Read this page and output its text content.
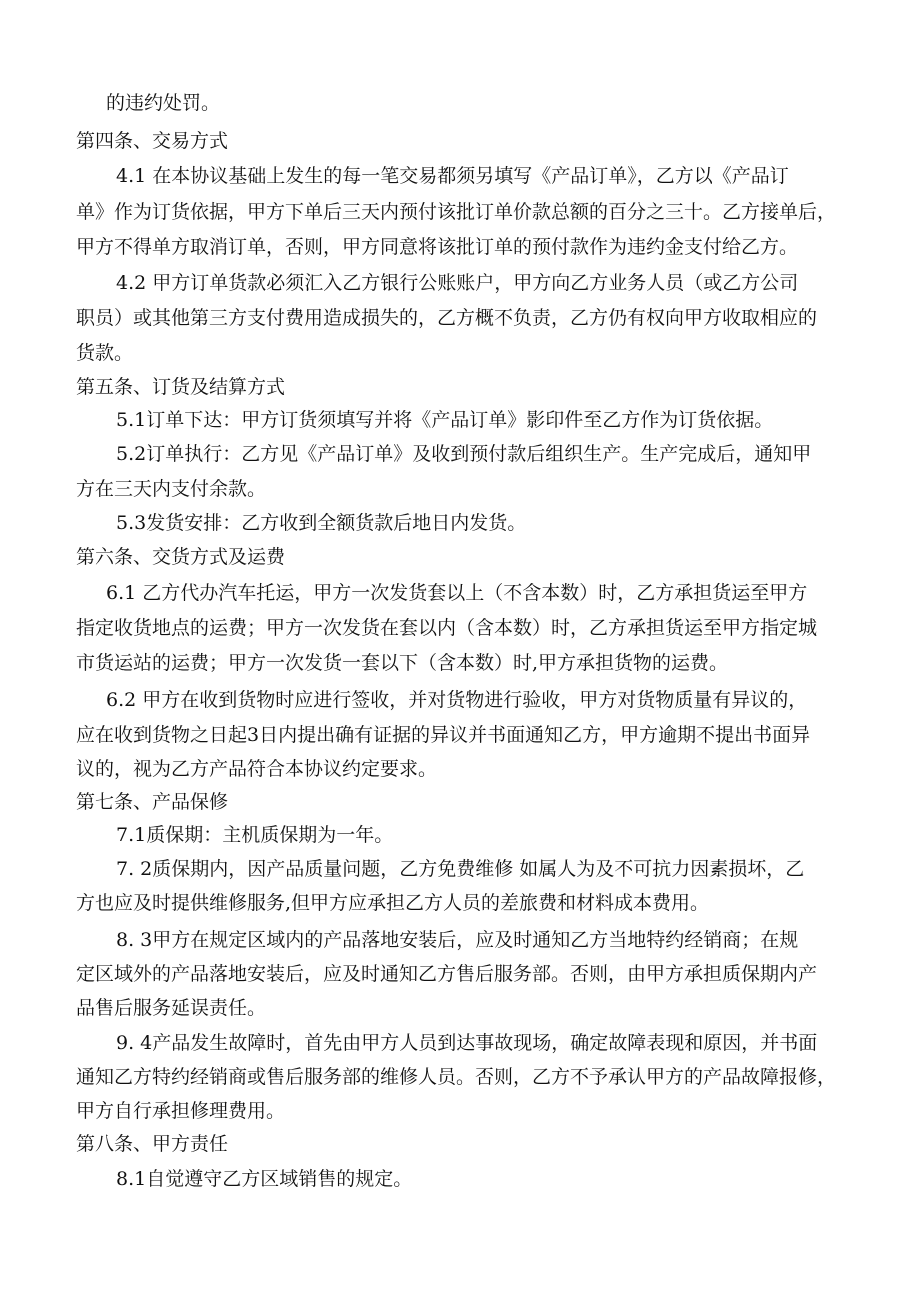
的违约处罚。
第四条、交易方式
4.1 在本协议基础上发生的每一笔交易都须另填写《产品订单》，乙方以《产品订
单》作为订货依据，甲方下单后三天内预付该批订单价款总额的百分之三十。乙方接单后，
甲方不得单方取消订单，否则，甲方同意将该批订单的预付款作为违约金支付给乙方。
4.2 甲方订单货款必须汇入乙方银行公账账户，甲方向乙方业务人员（或乙方公司
职员）或其他第三方支付费用造成损失的，乙方概不负责，乙方仍有权向甲方收取相应的
货款。
第五条、订货及结算方式
5.1订单下达：甲方订货须填写并将《产品订单》影印件至乙方作为订货依据。
5.2订单执行：乙方见《产品订单》及收到预付款后组织生产。生产完成后，通知甲
方在三天内支付余款。
5.3发货安排：乙方收到全额货款后地日内发货。
第六条、交货方式及运费
6.1 乙方代办汽车托运，甲方一次发货套以上（不含本数）时，乙方承担货运至甲方
指定收货地点的运费；甲方一次发货在套以内（含本数）时，乙方承担货运至甲方指定城
市货运站的运费；甲方一次发货一套以下（含本数）时,甲方承担货物的运费。
6.2 甲方在收到货物时应进行签收，并对货物进行验收，甲方对货物质量有异议的，
应在收到货物之日起3日内提出确有证据的异议并书面通知乙方，甲方逾期不提出书面异
议的，视为乙方产品符合本协议约定要求。
第七条、产品保修
7.1质保期：主机质保期为一年。
7. 2质保期内，因产品质量问题，乙方免费维修 如属人为及不可抗力因素损坏，乙
方也应及时提供维修服务,但甲方应承担乙方人员的差旅费和材料成本费用。
8. 3甲方在规定区域内的产品落地安装后，应及时通知乙方当地特约经销商；在规
定区域外的产品落地安装后，应及时通知乙方售后服务部。否则，由甲方承担质保期内产
品售后服务延误责任。
9. 4产品发生故障时，首先由甲方人员到达事故现场，确定故障表现和原因，并书面
通知乙方特约经销商或售后服务部的维修人员。否则，乙方不予承认甲方的产品故障报修，
甲方自行承担修理费用。
第八条、甲方责任
8.1自觉遵守乙方区域销售的规定。
